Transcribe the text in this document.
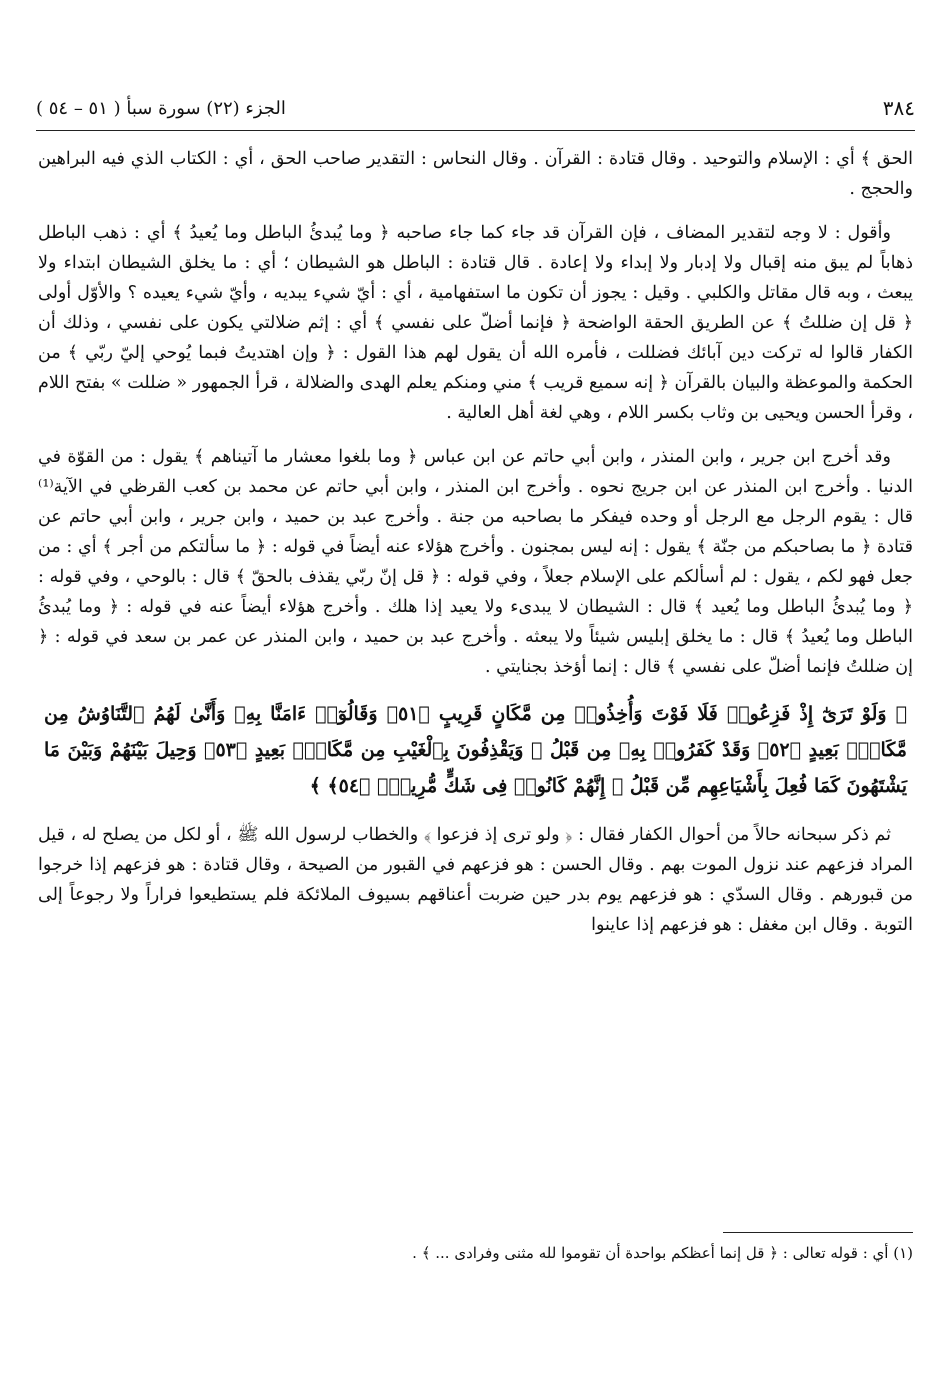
٣٨٤
الجزء (٢٢) سورة سبأ ( ٥١ – ٥٤ )

الحق ﴾ أي : الإسلام والتوحيد . وقال قتادة : القرآن . وقال النحاس : التقدير صاحب الحق ، أي : الكتاب الذي فيه البراهين والحجج .

وأقول : لا وجه لتقدير المضاف ، فإن القرآن قد جاء كما جاء صاحبه ﴿ وما يُبدئُ الباطل وما يُعيدُ ﴾ أي : ذهب الباطل ذهاباً لم يبق منه إقبال ولا إدبار ولا إبداء ولا إعادة . قال قتادة : الباطل هو الشيطان ؛ أي : ما يخلق الشيطان ابتداء ولا يبعث ، وبه قال مقاتل والكلبي . وقيل : يجوز أن تكون ما استفهامية ، أي : أيّ شيء يبديه ، وأيّ شيء يعيده ؟ والأوّل أولى ﴿ قل إن ضللتُ ﴾ عن الطريق الحقة الواضحة ﴿ فإنما أضلّ على نفسي ﴾ أي : إثم ضلالتي يكون على نفسي ، وذلك أن الكفار قالوا له تركت دين آبائك فضللت ، فأمره الله أن يقول لهم هذا القول : ﴿ وإن اهتديتُ فبما يُوحي إليّ ربّي ﴾ من الحكمة والموعظة والبيان بالقرآن ﴿ إنه سميع قريب ﴾ مني ومنكم يعلم الهدى والضلالة ، قرأ الجمهور « ضللت » بفتح اللام ، وقرأ الحسن ويحيى بن وثاب بكسر اللام ، وهي لغة أهل العالية .

وقد أخرج ابن جرير ، وابن المنذر ، وابن أبي حاتم عن ابن عباس ﴿ وما بلغوا معشار ما آتيناهم ﴾ يقول : من القوّة في الدنيا . وأخرج ابن المنذر عن ابن جريج نحوه . وأخرج ابن المنذر ، وابن أبي حاتم عن محمد بن كعب القرظي في الآية⁽¹⁾ قال : يقوم الرجل مع الرجل أو وحده فيفكر ما بصاحبه من جنة . وأخرج عبد بن حميد ، وابن جرير ، وابن أبي حاتم عن قتادة ﴿ ما بصاحبكم من جنّة ﴾ يقول : إنه ليس بمجنون . وأخرج هؤلاء عنه أيضاً في قوله : ﴿ ما سألتكم من أجر ﴾ أي : من جعل فهو لكم ، يقول : لم أسألكم على الإسلام جعلاً ، وفي قوله : ﴿ قل إنّ ربّي يقذف بالحقّ ﴾ قال : بالوحي ، وفي قوله : ﴿ وما يُبدئُ الباطل وما يُعيد ﴾ قال : الشيطان لا يبدىء ولا يعيد إذا هلك . وأخرج هؤلاء أيضاً عنه في قوله : ﴿ وما يُبدئُ الباطل وما يُعيدُ ﴾ قال : ما يخلق إبليس شيئاً ولا يبعثه . وأخرج عبد بن حميد ، وابن المنذر عن عمر بن سعد في قوله : ﴿ إن ضللتُ فإنما أضلّ على نفسي ﴾ قال : إنما أؤخذ بجنايتي .

﴿ وَلَوْ تَرَىٰٓ إِذْ فَزِعُوا۟ فَلَا فَوْتَ وَأُخِذُوا۟ مِن مَّكَانٍ قَرِيبٍ ﴿٥١﴾ وَقَالُوٓا۟ ءَامَنَّا بِهِۦ وَأَنَّىٰ لَهُمُ ٱلتَّنَاوُشُ مِن مَّكَانٍۭ بَعِيدٍ ﴿٥٢﴾ وَقَدْ كَفَرُوا۟ بِهِۦ مِن قَبْلُ ۖ وَيَقْذِفُونَ بِٱلْغَيْبِ مِن مَّكَانٍۭ بَعِيدٍ ﴿٥٣﴾ وَحِيلَ بَيْنَهُمْ وَبَيْنَ مَا يَشْتَهُونَ كَمَا فُعِلَ بِأَشْيَاعِهِم مِّن قَبْلُ ۚ إِنَّهُمْ كَانُوا۟ فِى شَكٍّ مُّرِيبٍۭ ﴿٥٤﴾ ﴾

ثم ذكر سبحانه حالاً من أحوال الكفار فقال : ﴿ ولو ترى إذ فزعوا ﴾ والخطاب لرسول الله ﷺ ، أو لكل من يصلح له ، قيل المراد فزعهم عند نزول الموت بهم . وقال الحسن : هو فزعهم في القبور من الصيحة ، وقال قتادة : هو فزعهم إذا خرجوا من قبورهم . وقال السدّي : هو فزعهم يوم بدر حين ضربت أعناقهم بسيوف الملائكة فلم يستطيعوا فراراً ولا رجوعاً إلى التوبة . وقال ابن مغفل : هو فزعهم إذا عاينوا

(١) أي : قوله تعالى : ﴿ قل إنما أعظكم بواحدة أن تقوموا لله مثنى وفرادى ... ﴾ .
